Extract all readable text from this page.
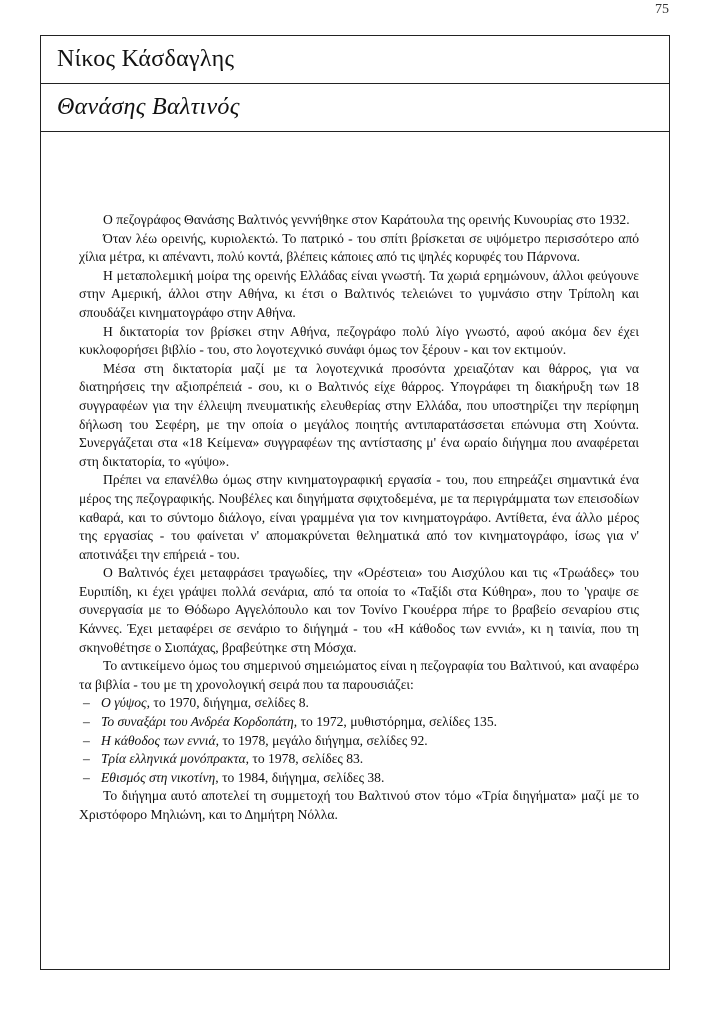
75
Νίκος Κάσδαγλης
Θανάσης Βαλτινός

Ο πεζογράφος Θανάσης Βαλτινός γεννήθηκε στον Καράτουλα της ορεινής Κυνουρίας στο 1932.

Όταν λέω ορεινής, κυριολεκτώ. Το πατρικό - του σπίτι βρίσκεται σε υψόμετρο περισσότερο από χίλια μέτρα, κι απέναντι, πολύ κοντά, βλέπεις κάποιες από τις ψηλές κορυφές του Πάρνονα.

Η μεταπολεμική μοίρα της ορεινής Ελλάδας είναι γνωστή. Τα χωριά ερημώνουν, άλλοι φεύγουνε στην Αμερική, άλλοι στην Αθήνα, κι έτσι ο Βαλτινός τελειώνει το γυμνάσιο στην Τρίπολη και σπουδάζει κινηματογράφο στην Αθήνα.

Η δικτατορία τον βρίσκει στην Αθήνα, πεζογράφο πολύ λίγο γνωστό, αφού ακόμα δεν έχει κυκλοφορήσει βιβλίο - του, στο λογοτεχνικό συνάφι όμως τον ξέρουν - και τον εκτιμούν.

Μέσα στη δικτατορία μαζί με τα λογοτεχνικά προσόντα χρειαζόταν και θάρρος, για να διατηρήσεις την αξιοπρέπειά - σου, κι ο Βαλτινός είχε θάρρος. Υπογράφει τη διακήρυξη των 18 συγγραφέων για την έλλειψη πνευματικής ελευθερίας στην Ελλάδα, που υποστηρίζει την περίφημη δήλωση του Σεφέρη, με την οποία ο μεγάλος ποιητής αντιπαρατάσσεται επώνυμα στη Χούντα. Συνεργάζεται στα «18 Κείμενα» συγγραφέων της αντίστασης μ' ένα ωραίο διήγημα που αναφέρεται στη δικτατορία, το «γύψο».

Πρέπει να επανέλθω όμως στην κινηματογραφική εργασία - του, που επηρεάζει σημαντικά ένα μέρος της πεζογραφικής. Νουβέλες και διηγήματα σφιχτοδεμένα, με τα περιγράμματα των επεισοδίων καθαρά, και το σύντομο διάλογο, είναι γραμμένα για τον κινηματογράφο. Αντίθετα, ένα άλλο μέρος της εργασίας - του φαίνεται ν' απομακρύνεται θεληματικά από τον κινηματογράφο, ίσως για ν' αποτινάξει την επήρειά - του.

Ο Βαλτινός έχει μεταφράσει τραγωδίες, την «Ορέστεια» του Αισχύλου και τις «Τρωάδες» του Ευριπίδη, κι έχει γράψει πολλά σενάρια, από τα οποία το «Ταξίδι στα Κύθηρα», που το 'γραψε σε συνεργασία με το Θόδωρο Αγγελόπουλο και τον Τονίνο Γκουέρρα πήρε το βραβείο σεναρίου στις Κάννες. Έχει μεταφέρει σε σενάριο το διήγημά - του «Η κάθοδος των εννιά», κι η ταινία, που τη σκηνοθέτησε ο Σιοπάχας, βραβεύτηκε στη Μόσχα.

Το αντικείμενο όμως του σημερινού σημειώματος είναι η πεζογραφία του Βαλτινού, και αναφέρω τα βιβλία - του με τη χρονολογική σειρά που τα παρουσιάζει:

– Ο γύψος, το 1970, διήγημα, σελίδες 8.
– Το συναξάρι του Ανδρέα Κορδοπάτη, το 1972, μυθιστόρημα, σελίδες 135.
– Η κάθοδος των εννιά, το 1978, μεγάλο διήγημα, σελίδες 92.
– Τρία ελληνικά μονόπρακτα, το 1978, σελίδες 83.
– Εθισμός στη νικοτίνη, το 1984, διήγημα, σελίδες 38.

Το διήγημα αυτό αποτελεί τη συμμετοχή του Βαλτινού στον τόμο «Τρία διηγήματα» μαζί με το Χριστόφορο Μηλιώνη, και το Δημήτρη Νόλλα.
